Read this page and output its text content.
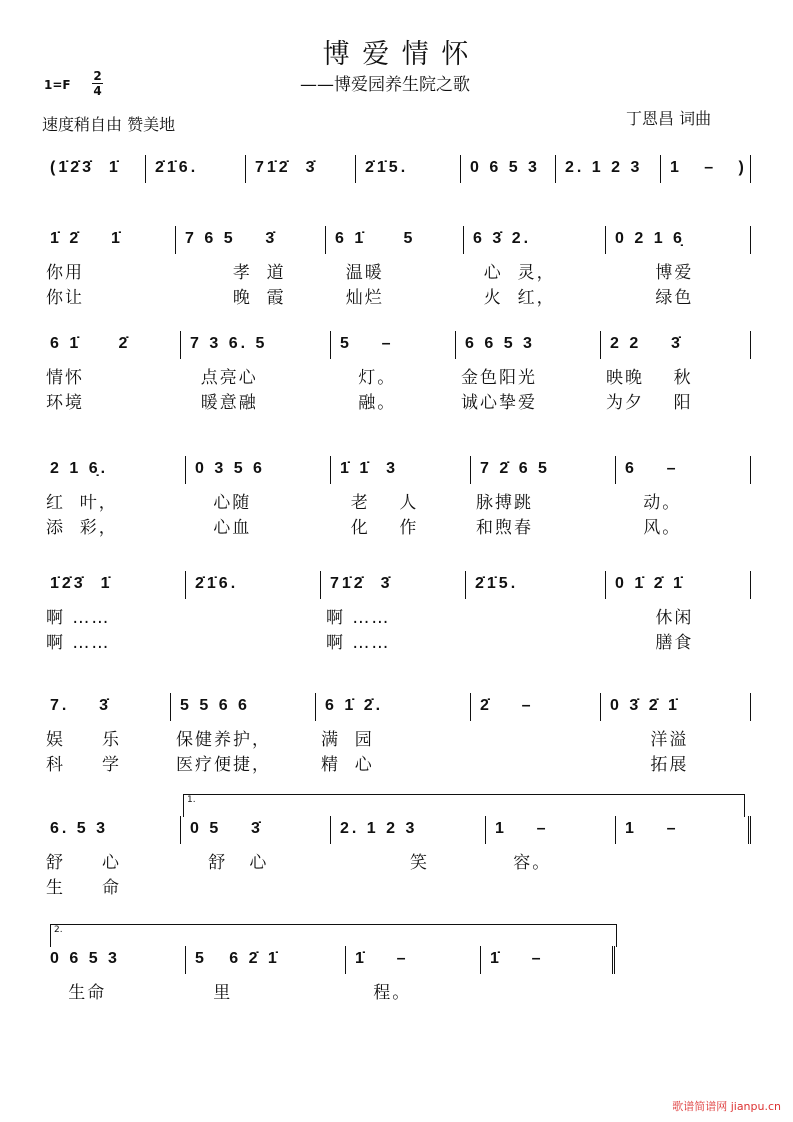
博 爱 情 怀
——博爱园养生院之歌
1=F
2
4
速度稍自由 赞美地	丁恩昌 词曲
(1̇2̇3̇  1̇ 2̇1̇6.	71̇2̇  3̇	2̇1̇5.	0 6 5 3 2. 1 2 3 1   –   )
1̇ 2̇    1̇
你用
你让
7 6 5    3̇
孝  道
晚  霞
6 1̇     5
温暖
灿烂
6 3̇ 2.
心  灵，
火  红，
0 2 1 6̣
博爱
绿色
6 1̇     2̇
情怀
环境
7 3 6. 5
点亮心
暖意融
5    –
灯。
融。
6 6 5 3
金色阳光
诚心挚爱
2 2    3̇
映晚    秋
为夕    阳
2 1 6̣.
红  叶，
添  彩，
0 3 5 6
心随
心血
1̇ 1̇  3
老    人
化    作
7 2̇ 6 5
脉搏跳
和煦春
6    –
动。
风。
1̇2̇3̇  1̇
啊 ……
啊 ……
2̇1̇6.	71̇2̇  3̇
啊 ……
啊 ……
2̇1̇5.	0 1̇ 2̇ 1̇
休闲
膳食
7.    3̇
娱     乐
科     学
5 5 6 6
保健养护，
医疗便捷，
6 1̇ 2̇.
满  园
精  心
2̇    –	0 3̇ 2̇ 1̇
洋溢
拓展
1.
6. 5 3
舒     心
生     命
0 5    3̇
舒   心
2. 1 2 3
笑
1    –
容。
1    –
2.
0 6 5 3
生命
5   6 2̇ 1̇
里
1̇    –
程。
1̇    –
歌谱简谱网 jianpu.cn
